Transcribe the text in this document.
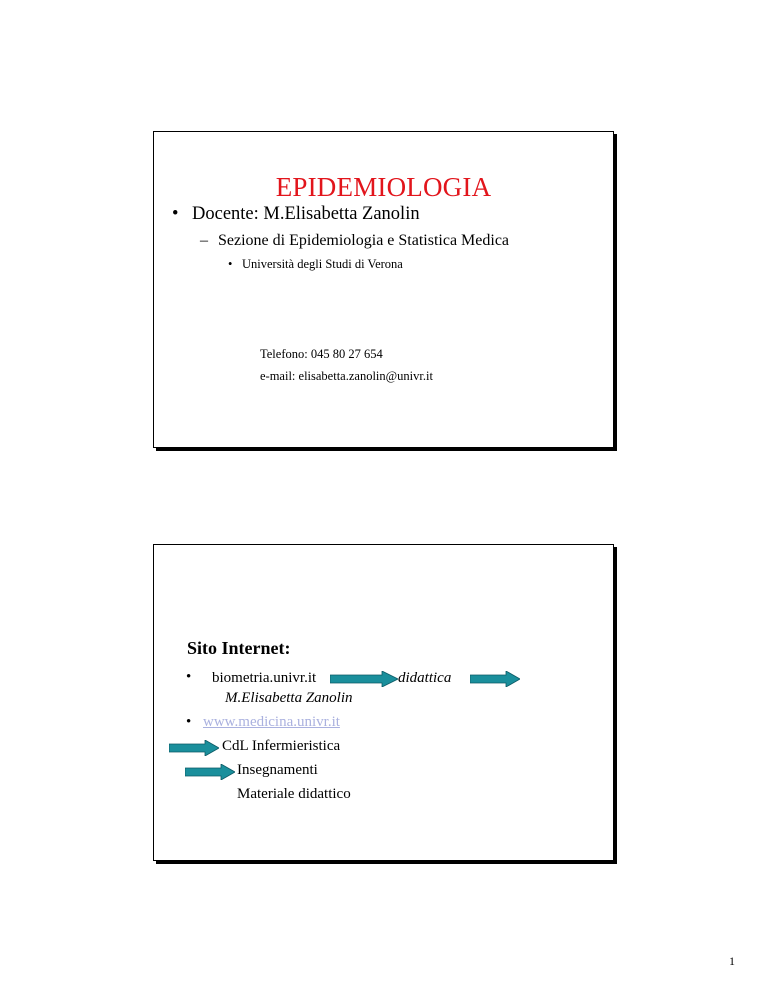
EPIDEMIOLOGIA
• Docente: M.Elisabetta Zanolin
– Sezione di Epidemiologia e Statistica Medica
• Università degli Studi di Verona
Telefono: 045 80 27 654
e-mail: elisabetta.zanolin@univr.it
Sito Internet:
• biometria.univr.it	didattica
M.Elisabetta Zanolin
• www.medicina.univr.it
CdL Infermieristica
Insegnamenti
Materiale didattico
1
